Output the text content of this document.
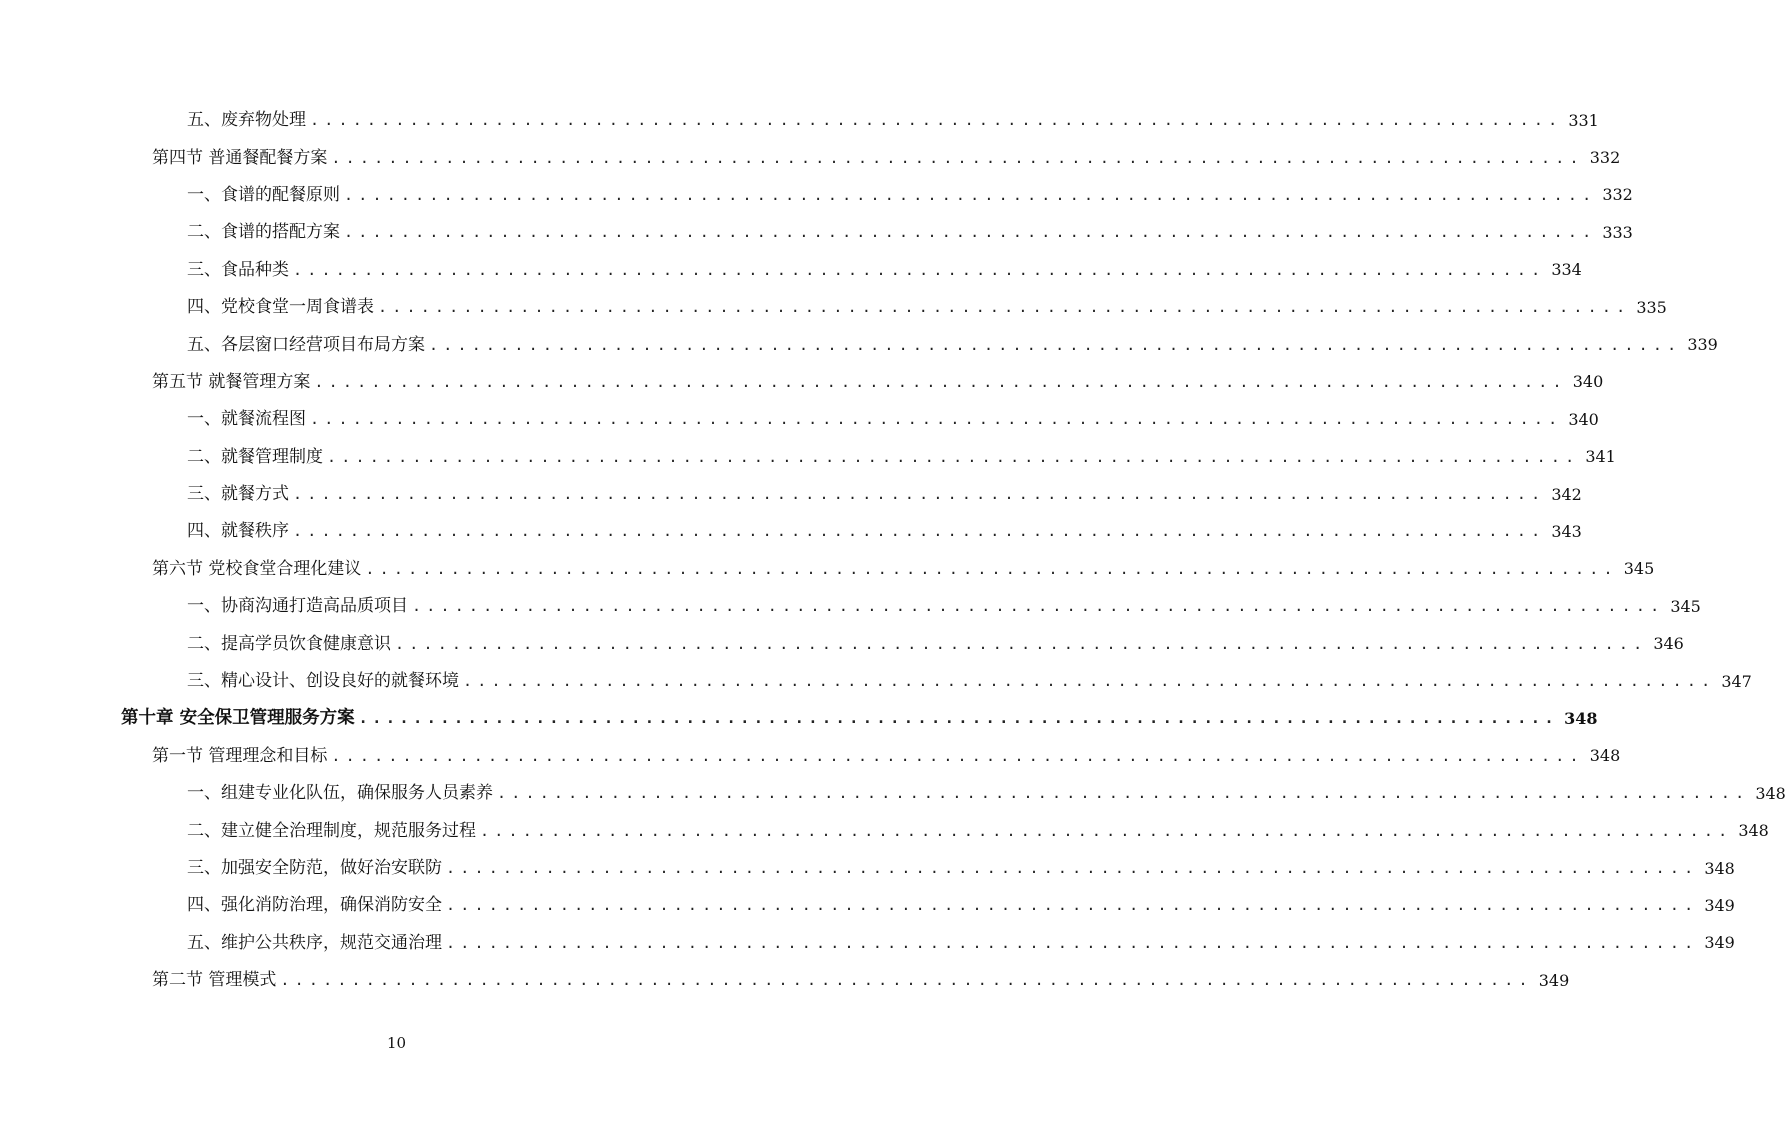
五、废弃物处理 ........................................................................................ 331
第四节 普通餐配餐方案 ........................................................................................ 332
一、食谱的配餐原则 ........................................................................................ 332
二、食谱的搭配方案 ........................................................................................ 333
三、食品种类 ........................................................................................ 334
四、党校食堂一周食谱表 ........................................................................................ 335
五、各层窗口经营项目布局方案 ........................................................................................ 339
第五节 就餐管理方案 ........................................................................................ 340
一、就餐流程图 ........................................................................................ 340
二、就餐管理制度 ........................................................................................ 341
三、就餐方式 ........................................................................................ 342
四、就餐秩序 ........................................................................................ 343
第六节 党校食堂合理化建议 ........................................................................................ 345
一、协商沟通打造高品质项目 ........................................................................................ 345
二、提高学员饮食健康意识 ........................................................................................ 346
三、精心设计、创设良好的就餐环境 ........................................................................................ 347
第十章 安全保卫管理服务方案 ........................................................................................ 348
第一节 管理理念和目标 ........................................................................................ 348
一、组建专业化队伍，确保服务人员素养 ........................................................................................ 348
二、建立健全治理制度，规范服务过程 ........................................................................................ 348
三、加强安全防范，做好治安联防 ........................................................................................ 348
四、强化消防治理，确保消防安全 ........................................................................................ 349
五、维护公共秩序，规范交通治理 ........................................................................................ 349
第二节 管理模式 ........................................................................................ 349
10
